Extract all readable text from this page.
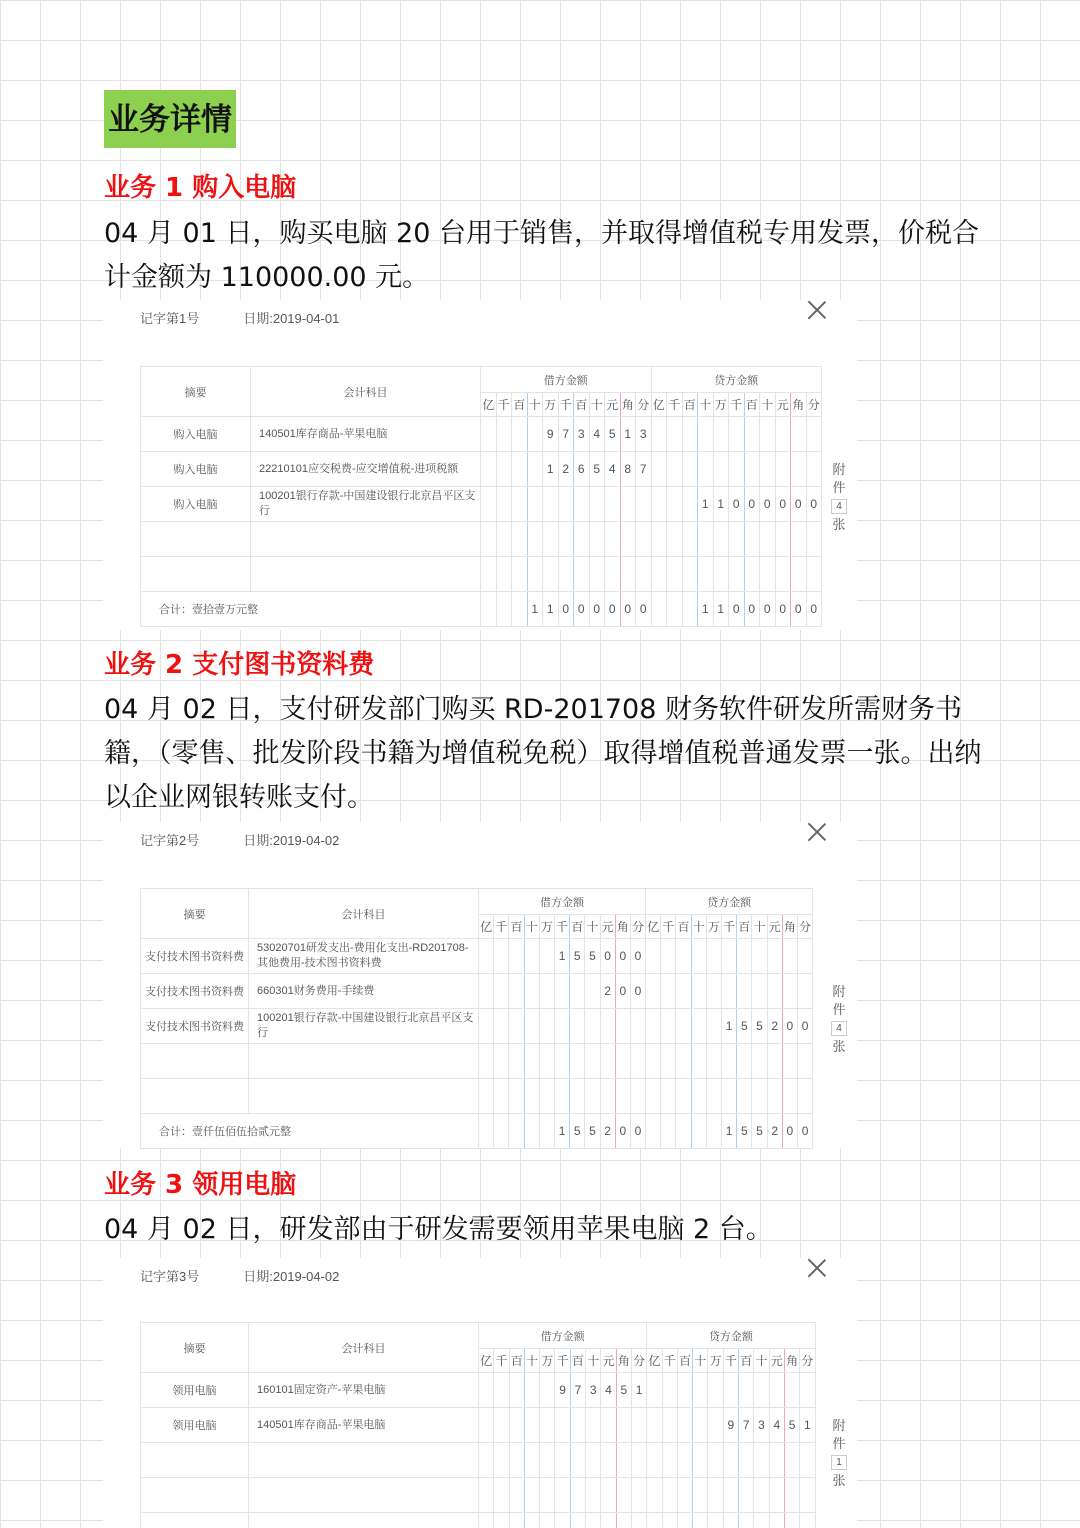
业务详情
业务 1 购入电脑
04 月 01 日，购买电脑 20 台用于销售，并取得增值税专用发票，价税合计金额为 110000.00 元。
记字第1号	日期:2019-04-01
摘要	会计科目	借方金额											贷方金额										
		亿	千	百	十	万	千	百	十	元	角	分	亿	千	百	十	万	千	百	十	元	角	分
购入电脑	140501库存商品-苹果电脑					9	7	3	4	5	1	3											
购入电脑	22210101应交税费-应交增值税-进项税额					1	2	6	5	4	8	7											
购入电脑	100201银行存款-中国建设银行北京昌平区支行															1	1	0	0	0	0	0	0

合计：壹拾壹万元整					1	1	0	0	0	0	0	0				1	1	0	0	0	0	0	0
附
件
4
张
业务 2 支付图书资料费
04 月 02 日，支付研发部门购买 RD-201708 财务软件研发所需财务书籍，（零售、批发阶段书籍为增值税免税）取得增值税普通发票一张。出纳以企业网银转账支付。
记字第2号	日期:2019-04-02
摘要	会计科目	借方金额											贷方金额										
		亿	千	百	十	万	千	百	十	元	角	分	亿	千	百	十	万	千	百	十	元	角	分
支付技术图书资料费	53020701研发支出-费用化支出-RD201708-其他费用-技术图书资料费						1	5	5	0	0	0											
支付技术图书资料费	660301财务费用-手续费									2	0	0											
支付技术图书资料费	100201银行存款-中国建设银行北京昌平区支行																	1	5	5	2	0	0

合计：壹仟伍佰伍拾贰元整							1	5	5	2	0	0						1	5	5	2	0	0
附
件
4
张
业务 3 领用电脑
04 月 02 日，研发部由于研发需要领用苹果电脑 2 台。
记字第3号	日期:2019-04-02
摘要	会计科目	借方金额											贷方金额										
		亿	千	百	十	万	千	百	十	元	角	分	亿	千	百	十	万	千	百	十	元	角	分
领用电脑	160101固定资产-苹果电脑						9	7	3	4	5	1											
领用电脑	140501库存商品-苹果电脑																	9	7	3	4	5	1

																								附
件
1
张
